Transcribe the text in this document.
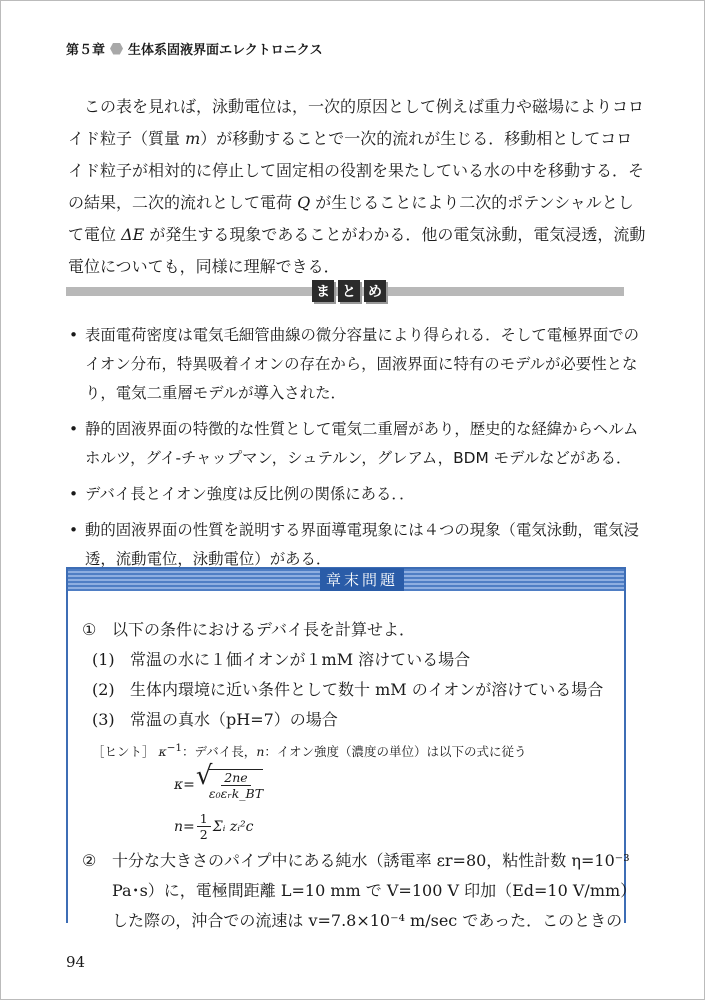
第５章 生体系固液界面エレクトロニクス
この表を見れば，泳動電位は，一次的原因として例えば重力や磁場によりコロ
イド粒子（質量 m）が移動することで一次的流れが生じる．移動相としてコロ
イド粒子が相対的に停止して固定相の役割を果たしている水の中を移動する．そ
の結果，二次的流れとして電荷 Q が生じることにより二次的ポテンシャルとし
て電位 ΔE が発生する現象であることがわかる．他の電気泳動，電気浸透，流動
電位についても，同様に理解できる．
ま と め
• 表面電荷密度は電気毛細管曲線の微分容量により得られる．そして電極界面での
イオン分布，特異吸着イオンの存在から，固液界面に特有のモデルが必要性とな
り，電気二重層モデルが導入された．
• 静的固液界面の特徴的な性質として電気二重層があり，歴史的な経緯からヘルム
ホルツ，グイ‐チャップマン，シュテルン，グレアム，BDM モデルなどがある．
• デバイ長とイオン強度は反比例の関係にある．．
• 動的固液界面の性質を説明する界面導電現象には４つの現象（電気泳動，電気浸
透，流動電位，泳動電位）がある．
章末問題
① 以下の条件におけるデバイ長を計算せよ．
(1) 常温の水に１価イオンが１mM 溶けている場合
(2) 生体内環境に近い条件として数十 mM のイオンが溶けている場合
(3) 常温の真水（pH=7）の場合
［ヒント］ $\kappa^{-1}$：デバイ長，n：イオン強度（濃度の単位）は以下の式に従う
κ= √ $\frac{2ne}{\text{ε₀εᵣk\_BT}}$
$n= \frac{1}{2}$ Σᵢ zᵢ²c
② 十分な大きさのパイプ中にある純水（誘電率 εr=80，粘性計数 η=10⁻³
Pa･s）に，電極間距離 L=10 mm で V=100 V 印加（Ed=10 V/mm）
した際の，沖合での流速は v=7.8×10⁻⁴ m/sec であった．このときの
94
